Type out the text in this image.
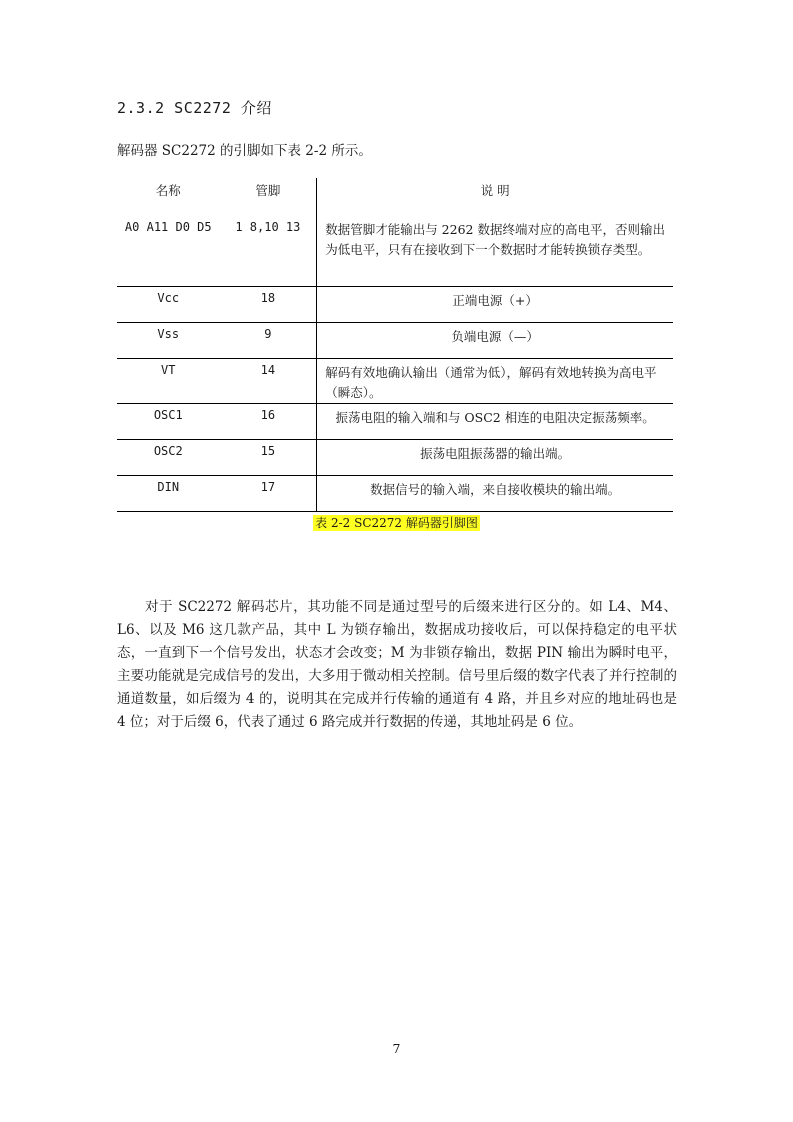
2.3.2 SC2272 介绍
解码器 SC2272 的引脚如下表 2-2 所示。
名称	管脚	说 明
A0 A11 D0 D5	1 8,10 13	数据管脚才能输出与 2262 数据终端对应的高电平，否则输出为低电平，只有在接收到下一个数据时才能转换锁存类型。
Vcc	18	正端电源（+）
Vss	9	负端电源（—）
VT	14	解码有效地确认输出（通常为低），解码有效地转换为高电平（瞬态）。
OSC1	16	振荡电阻的输入端和与 OSC2 相连的电阻决定振荡频率。
OSC2	15	振荡电阻振荡器的输出端。
DIN	17	数据信号的输入端，来自接收模块的输出端。
表 2-2 SC2272 解码器引脚图

对于 SC2272 解码芯片，其功能不同是通过型号的后缀来进行区分的。如 L4、M4、L6、以及 M6 这几款产品，其中 L 为锁存输出，数据成功接收后，可以保持稳定的电平状态，一直到下一个信号发出，状态才会改变；M 为非锁存输出，数据 PIN 输出为瞬时电平，主要功能就是完成信号的发出，大多用于微动相关控制。信号里后缀的数字代表了并行控制的通道数量，如后缀为 4 的，说明其在完成并行传输的通道有 4 路，并且乡对应的地址码也是 4 位；对于后缀 6，代表了通过 6 路完成并行数据的传递，其地址码是 6 位。

7
